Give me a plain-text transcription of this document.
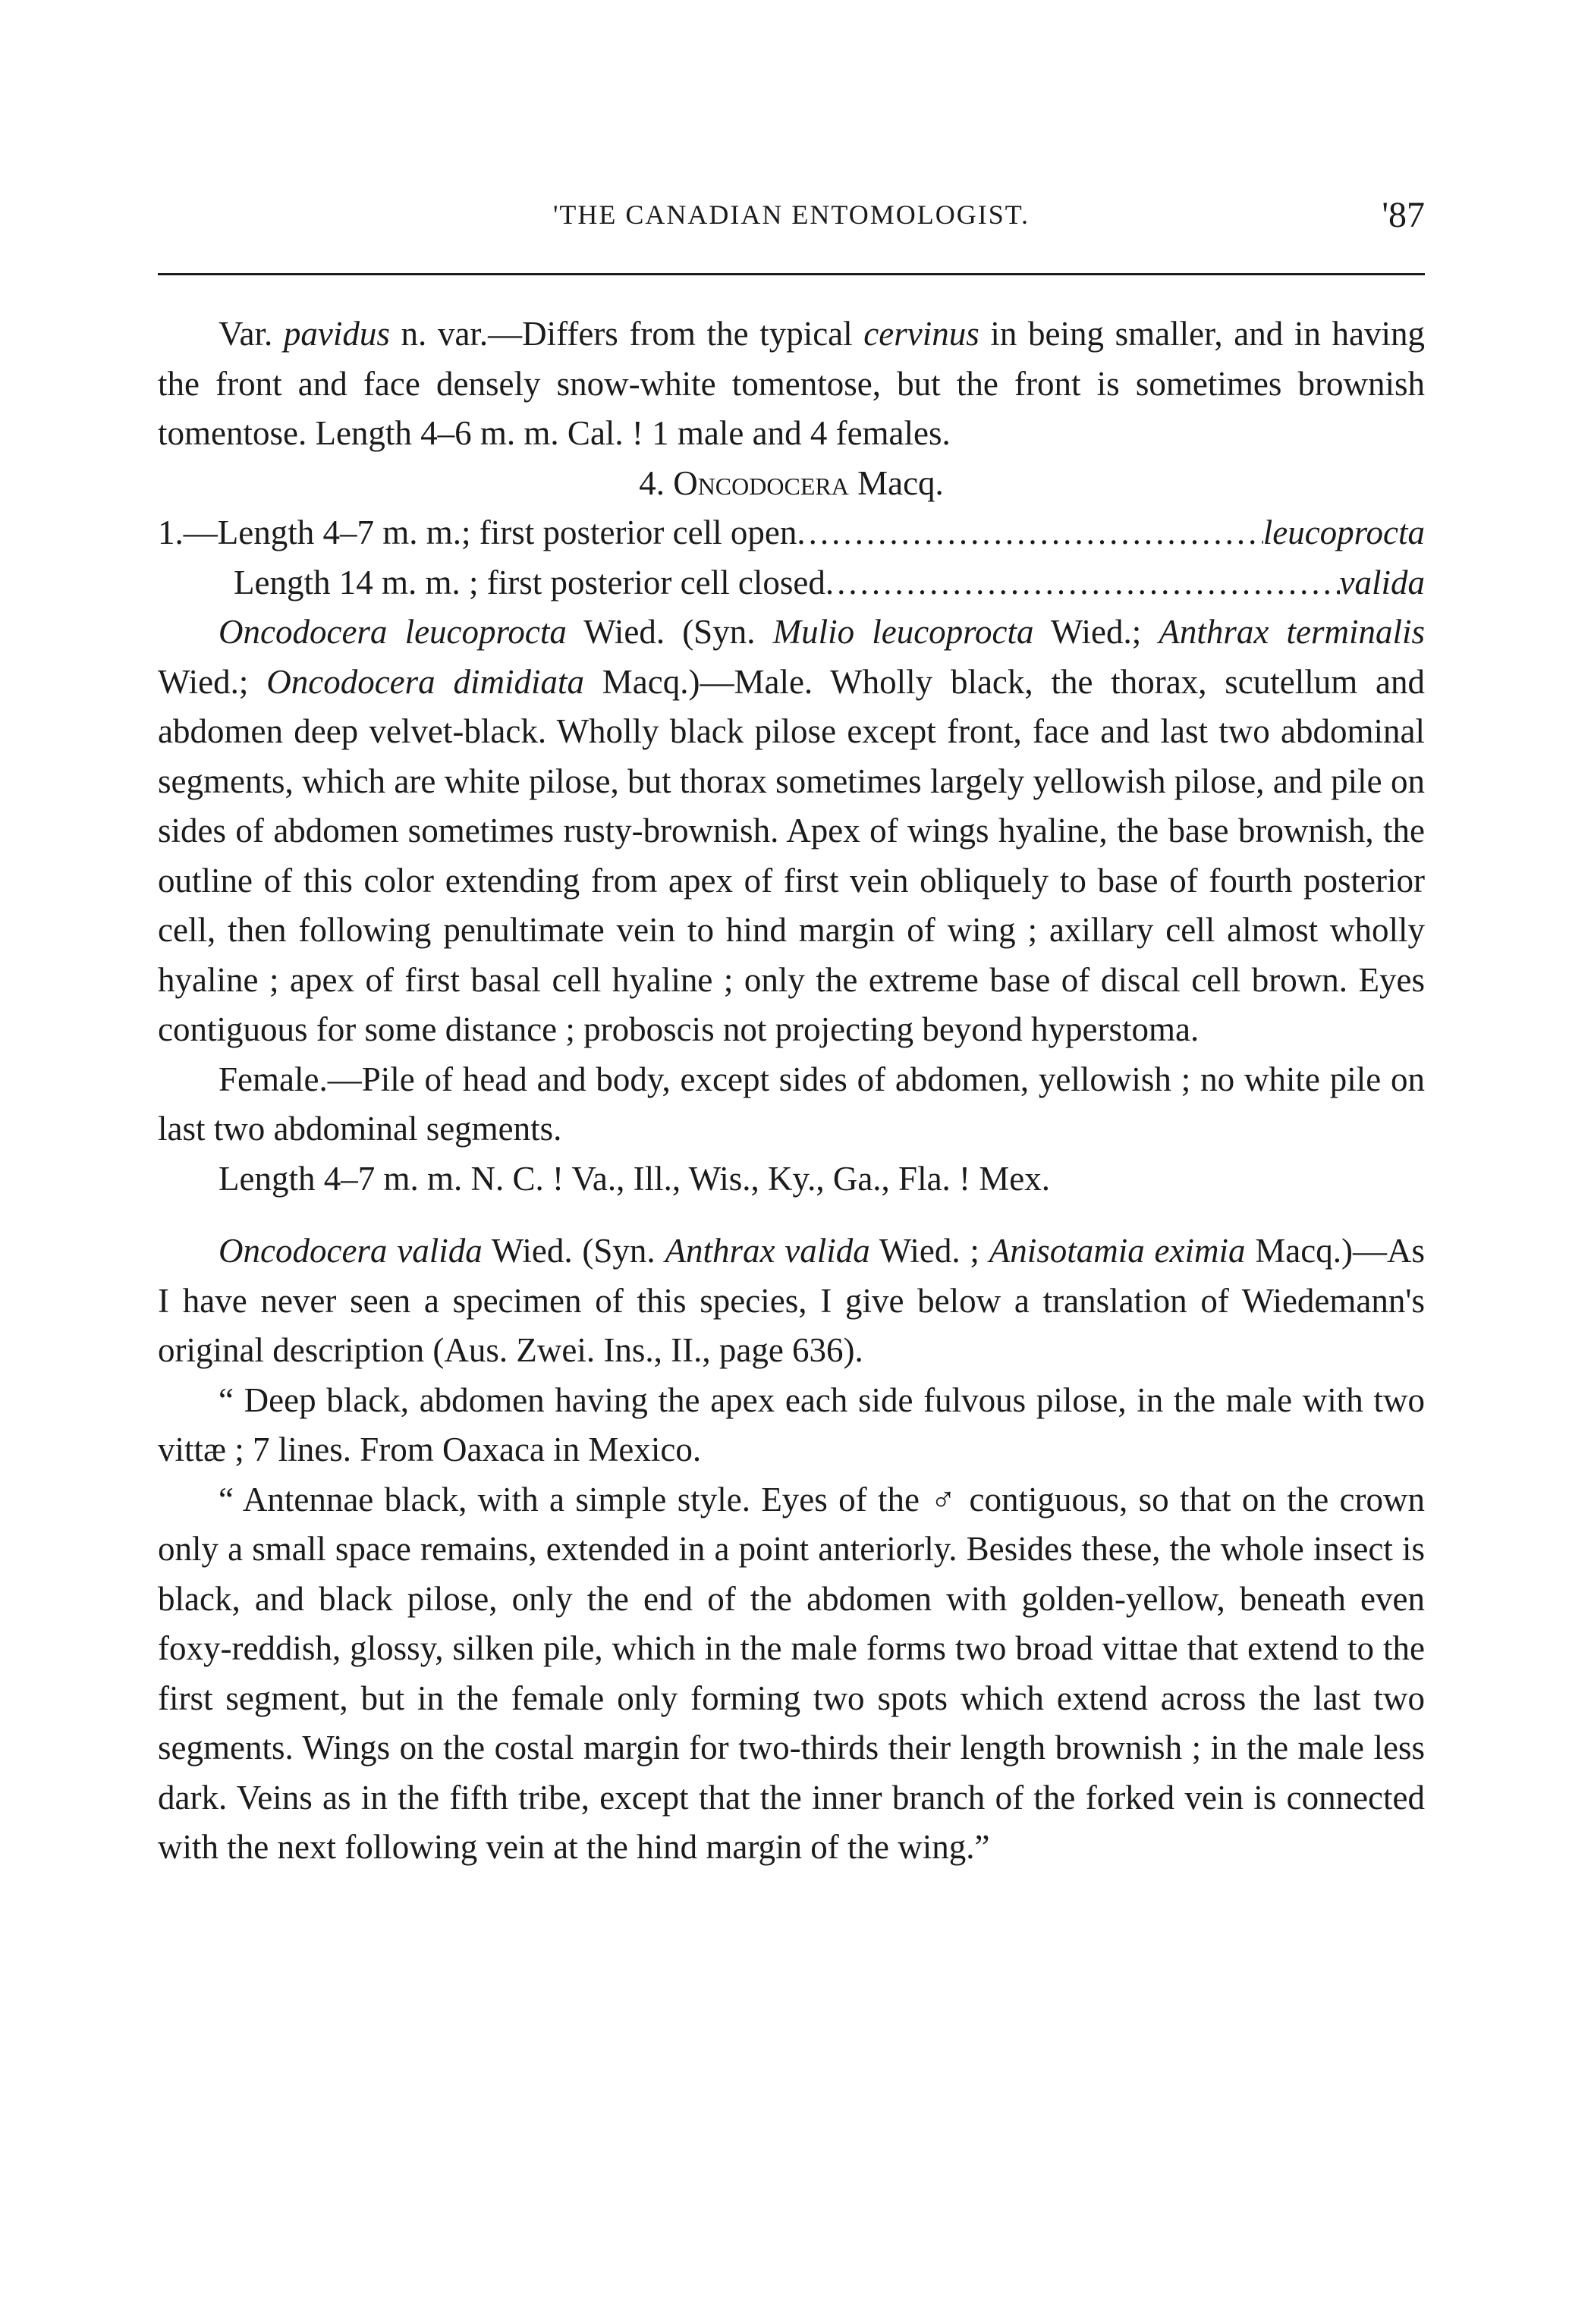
'THE CANADIAN ENTOMOLOGIST.	'87

Var. pavidus n. var.—Differs from the typical cervinus in being smaller, and in having the front and face densely snow-white tomentose, but the front is sometimes brownish tomentose. Length 4–6 m. m. Cal. ! 1 male and 4 females.

4. Oncodocera Macq.

1.—Length 4–7 m. m.; first posterior cell open .....	leucoprocta
Length 14 m. m. ; first posterior cell closed .....	valida

Oncodocera leucoprocta Wied. (Syn. Mulio leucoprocta Wied.; Anthrax terminalis Wied.; Oncodocera dimidiata Macq.)—Male. Wholly black, the thorax, scutellum and abdomen deep velvet-black. Wholly black pilose except front, face and last two abdominal segments, which are white pilose, but thorax sometimes largely yellowish pilose, and pile on sides of abdomen sometimes rusty-brownish. Apex of wings hyaline, the base brownish, the outline of this color extending from apex of first vein obliquely to base of fourth posterior cell, then following penultimate vein to hind margin of wing ; axillary cell almost wholly hyaline ; apex of first basal cell hyaline ; only the extreme base of discal cell brown. Eyes contiguous for some distance ; proboscis not projecting beyond hyperstoma.

Female.—Pile of head and body, except sides of abdomen, yellowish ; no white pile on last two abdominal segments.

Length 4–7 m. m. N. C. ! Va., Ill., Wis., Ky., Ga., Fla. ! Mex.

Oncodocera valida Wied. (Syn. Anthrax valida Wied. ; Anisotamia eximia Macq.)—As I have never seen a specimen of this species, I give below a translation of Wiedemann's original description (Aus. Zwei. Ins., II., page 636).

“ Deep black, abdomen having the apex each side fulvous pilose, in the male with two vittæ ; 7 lines. From Oaxaca in Mexico.

“ Antennae black, with a simple style. Eyes of the ♂ contiguous, so that on the crown only a small space remains, extended in a point anteriorly. Besides these, the whole insect is black, and black pilose, only the end of the abdomen with golden-yellow, beneath even foxy-reddish, glossy, silken pile, which in the male forms two broad vittae that extend to the first segment, but in the female only forming two spots which extend across the last two segments. Wings on the costal margin for two-thirds their length brownish ; in the male less dark. Veins as in the fifth tribe, except that the inner branch of the forked vein is connected with the next following vein at the hind margin of the wing.”
